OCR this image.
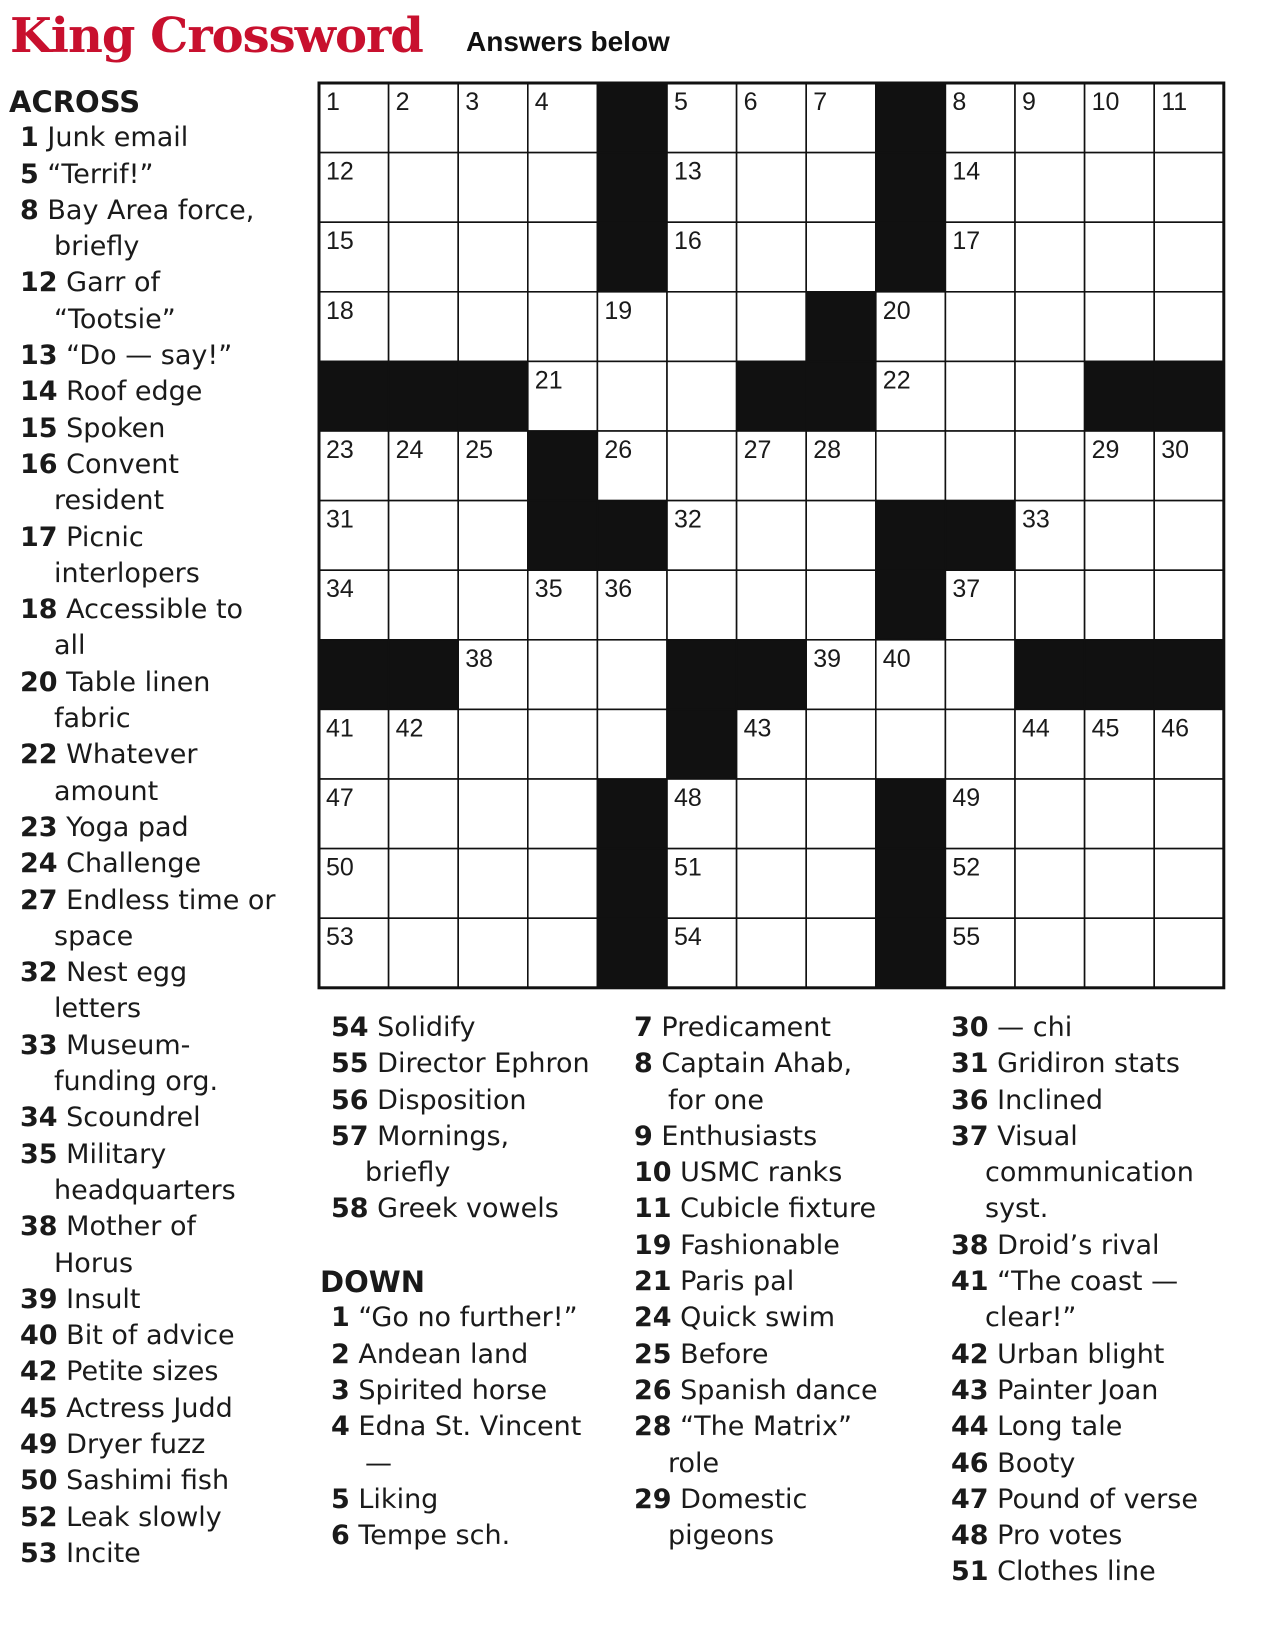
King Crossword Answers below
ACROSS
1 Junk email
5 “Terrif!”
8 Bay Area force,
briefly
12 Garr of
“Tootsie”
13 “Do — say!”
14 Roof edge
15 Spoken
16 Convent
resident
17 Picnic
interlopers
18 Accessible to
all
20 Table linen
fabric
22 Whatever
amount
23 Yoga pad
24 Challenge
27 Endless time or
space
32 Nest egg
letters
33 Museum-
funding org.
34 Scoundrel
35 Military
headquarters
38 Mother of
Horus
39 Insult
40 Bit of advice
42 Petite sizes
45 Actress Judd
49 Dryer fuzz
50 Sashimi fish
52 Leak slowly
53 Incite
54 Solidify
55 Director Ephron
56 Disposition
57 Mornings,
briefly
58 Greek vowels
DOWN
1 “Go no further!”
2 Andean land
3 Spirited horse
4 Edna St. Vincent
—
5 Liking
6 Tempe sch.
7 Predicament
8 Captain Ahab,
for one
9 Enthusiasts
10 USMC ranks
11 Cubicle fixture
19 Fashionable
21 Paris pal
24 Quick swim
25 Before
26 Spanish dance
28 “The Matrix”
role
29 Domestic
pigeons
30 — chi
31 Gridiron stats
36 Inclined
37 Visual
communication
syst.
38 Droid’s rival
41 “The coast —
clear!”
42 Urban blight
43 Painter Joan
44 Long tale
46 Booty
47 Pound of verse
48 Pro votes
51 Clothes line
1 2 3 4	5 6 7	8 9 10 11
12	13	14
15	16	17
18	19	20
21	22
23 24 25	26	27 28	29 30
31	32	33
34	35 36	37
38	39 40
41 42	43	44 45 46
47	48	49
50	51	52
53	54	55
